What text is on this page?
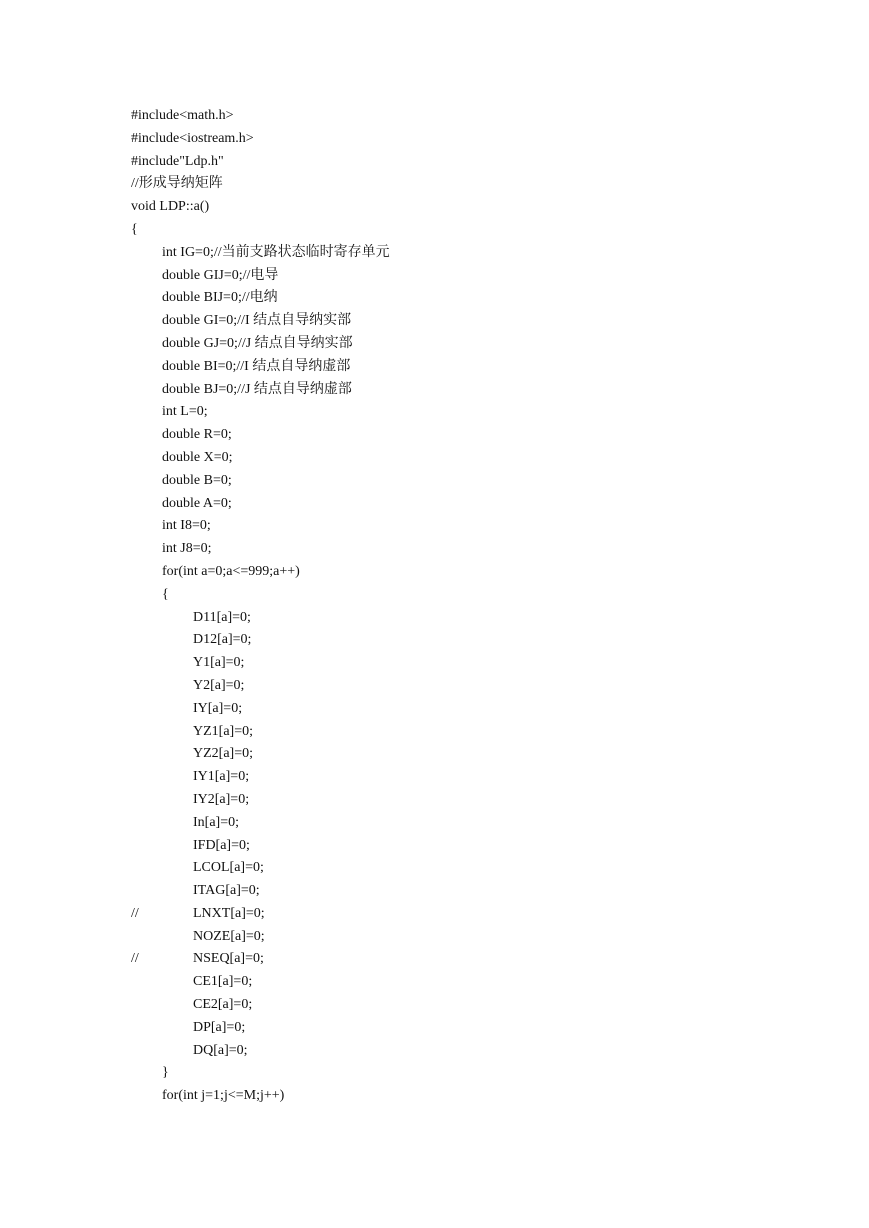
#include<math.h>
#include<iostream.h>
#include"Ldp.h"
//形成导纳矩阵
void LDP::a()
{
int IG=0;//当前支路状态临时寄存单元
double GIJ=0;//电导
double BIJ=0;//电纳
double GI=0;//I 结点自导纳实部
double GJ=0;//J 结点自导纳实部
double BI=0;//I 结点自导纳虚部
double BJ=0;//J 结点自导纳虚部
int L=0;
double R=0;
double X=0;
double B=0;
double A=0;
int I8=0;
int J8=0;
for(int a=0;a<=999;a++)
{
D11[a]=0;
D12[a]=0;
Y1[a]=0;
Y2[a]=0;
IY[a]=0;
YZ1[a]=0;
YZ2[a]=0;
IY1[a]=0;
IY2[a]=0;
In[a]=0;
IFD[a]=0;
LCOL[a]=0;
ITAG[a]=0;
//	LNXT[a]=0;
NOZE[a]=0;
//	NSEQ[a]=0;
CE1[a]=0;
CE2[a]=0;
DP[a]=0;
DQ[a]=0;
}
for(int j=1;j<=M;j++)
